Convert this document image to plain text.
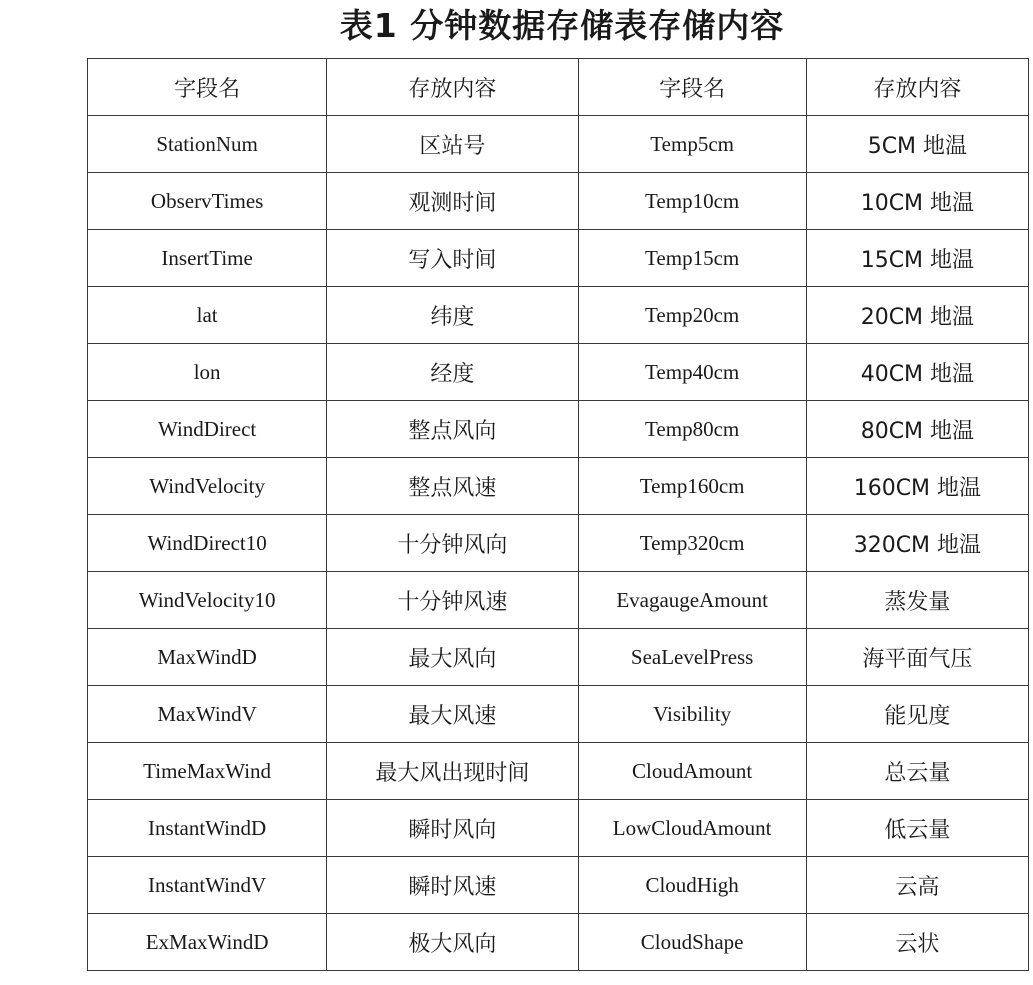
表1 分钟数据存储表存储内容
字段名	存放内容	字段名	存放内容
StationNum	区站号	Temp5cm	5CM 地温
ObservTimes	观测时间	Temp10cm	10CM 地温
InsertTime	写入时间	Temp15cm	15CM 地温
lat	纬度	Temp20cm	20CM 地温
lon	经度	Temp40cm	40CM 地温
WindDirect	整点风向	Temp80cm	80CM 地温
WindVelocity	整点风速	Temp160cm	160CM 地温
WindDirect10	十分钟风向	Temp320cm	320CM 地温
WindVelocity10	十分钟风速	EvagaugeAmount	蒸发量
MaxWindD	最大风向	SeaLevelPress	海平面气压
MaxWindV	最大风速	Visibility	能见度
TimeMaxWind	最大风出现时间	CloudAmount	总云量
InstantWindD	瞬时风向	LowCloudAmount	低云量
InstantWindV	瞬时风速	CloudHigh	云高
ExMaxWindD	极大风向	CloudShape	云状
